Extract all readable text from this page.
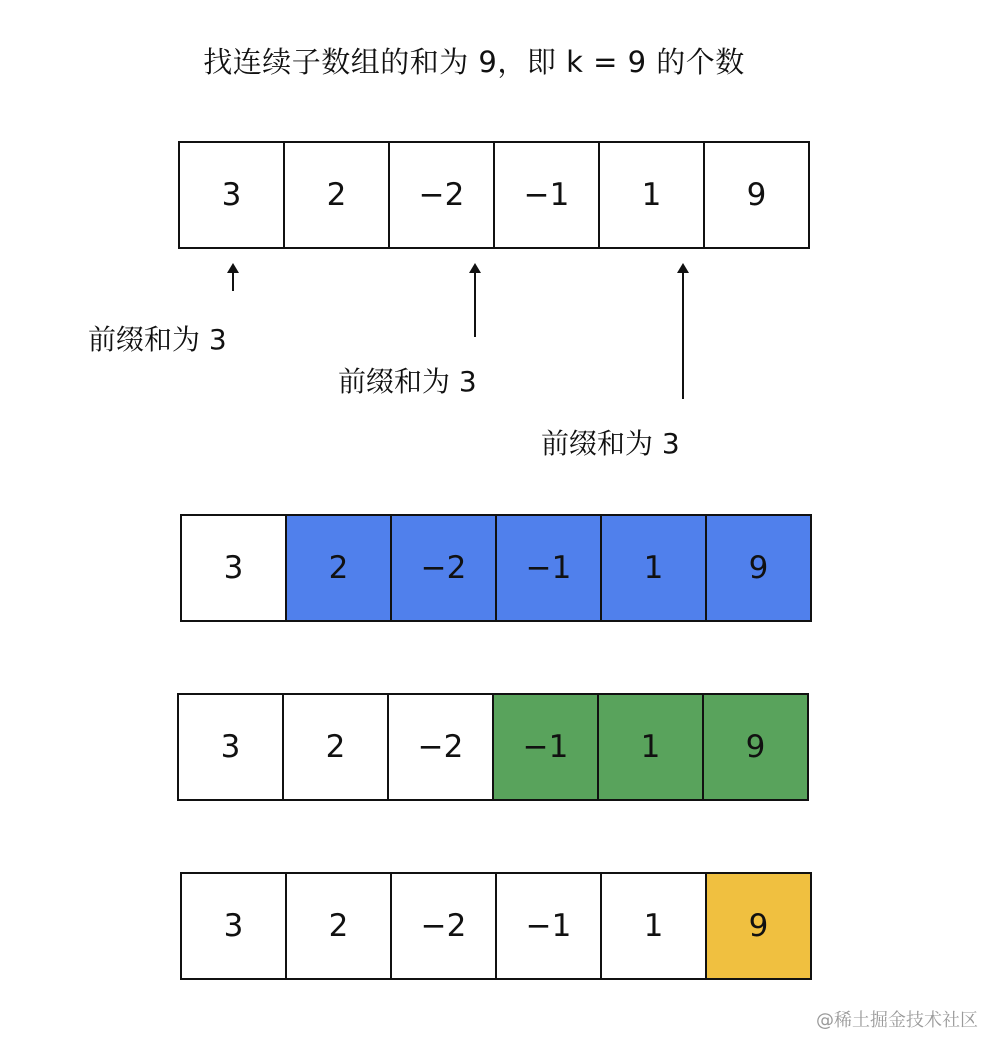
找连续子数组的和为 9，即 k = 9 的个数
3	2	−2	−1	1	9
前缀和为 3
前缀和为 3
前缀和为 3
3	2	−2	−1	1	9
3	2	−2	−1	1	9
3	2	−2	−1	1	9
@稀土掘金技术社区
